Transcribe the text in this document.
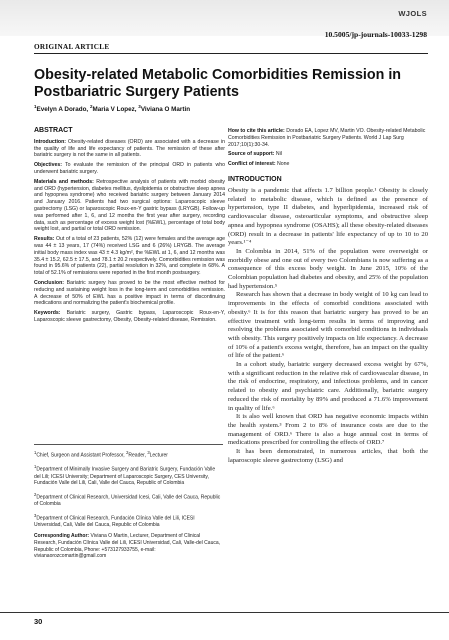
WJOLS
10.5005/jp-journals-10033-1298
ORIGINAL ARTICLE
Obesity-related Metabolic Comorbidities Remission in Postbariatric Surgery Patients
$^1$Evelyn A Dorado, $^2$Maria V Lopez, $^3$Viviana O Martin
ABSTRACT

Introduction: Obesity-related diseases (ORD) are associated with a decrease in the quality of life and life expectancy of patients. The remission of these after bariatric surgery is not the same in all patients.

Objectives: To evaluate the remission of the principal ORD in patients who underwent bariatric surgery.

Materials and methods: Retrospective analysis of patients with morbid obesity and ORD (hypertension, diabetes mellitus, dyslipidemia or obstructive sleep apnea and hypopnea syndrome) who received bariatric surgery between January 2014 and January 2016. Patients had two surgical options: Laparoscopic sleeve gastrectomy (LSG) or laparoscopic Roux-en-Y gastric bypass (LRYGB). Follow-up was performed after 1, 6, and 12 months the first year after surgery, recording data, such as percentage of excess weight lost (%EWL), percentage of total body weight lost, and partial or total ORD remission.

Results: Out of a total of 23 patients, 52% (12) were females and the average age was 44 ± 13 years, 17 (74%) received LSG and 6 (26%) LRYGB. The average initial body mass index was 43 ± 4.3 kg/m², the %EWL at 1, 6, and 12 months was 35.4 ± 15.2, 62.5 ± 17.5, and 78.1 ± 20.2 respectively. Comorbidities remission was found in 95.6% of patients (22), partial resolution in 32%, and complete in 68%. A total of 52.1% of remissions were reported in the first month postsurgery.

Conclusion: Bariatric surgery has proved to be the most effective method for reducing and sustaining weight loss in the long-term and comorbidities remission. A decrease of 50% of EWL has a positive impact in terms of discontinuing medications and normalizing the patient's biochemical profile.

Keywords: Bariatric surgery, Gastric bypass, Laparoscopic Roux-en-Y, Laparoscopic sleeve gastrectomy, Obesity, Obesity-related disease, Remission.

$^1$Chief, Surgeon and Assistant Professor, $^2$Reader, $^3$Lecturer

$^1$Department of Minimally Invasive Surgery and Bariatric Surgery, Fundación Valle del Lili; ICESI University; Department of Laparoscopic Surgery, CES University, Fundación Valle del Lili, Cali, Valle del Cauca, Republic of Colombia

$^2$Department of Clinical Research, Universidad Icesi, Cali, Valle del Cauca, Republic of Colombia

$^3$Department of Clinical Research, Fundación Clínica Valle del Lili, ICESI Universidad, Cali, Valle del Cauca, Republic of Colombia

Corresponding Author: Viviana O Martin, Lecturer, Department of Clinical Research, Fundación Clínica Valle del Lili, ICESI Universidad, Cali, Valle-del Cauca, Republic of Colombia, Phone: +573127933755, e-mail: vivianaorozcomartin@gmail.com

How to cite this article: Dorado EA, Lopez MV, Martin VO. Obesity-related Metabolic Comorbidities Remission in Postbariatric Surgery Patients. World J Lap Surg 2017;10(1):30-34.

Source of support: Nil

Conflict of interest: None

INTRODUCTION

Obesity is a pandemic that affects 1.7 billion people.¹ Obesity is closely related to metabolic disease, which is defined as the presence of hypertension, type II diabetes, and hyperlipidemia, increased risk of cardiovascular disease, osteoarticular symptoms, and obstructive sleep apnea and hypopnea syndrome (OSAHS); all these obesity-related diseases (ORD) result in a decrease in patients' life expectancy of up to 10 to 20 years.¹⁻⁴

In Colombia in 2014, 51% of the population were overweight or morbidly obese and one out of every two Colombians is now suffering as a consequence of this excess body weight. In June 2015, 10% of the Colombian population had diabetes and obesity, and 25% of the population had hypertension.⁵

Research has shown that a decrease in body weight of 10 kg can lead to improvements in the effects of comorbid conditions associated with obesity.⁶ It is for this reason that bariatric surgery has proved to be an effective treatment with long-term results in terms of improving and resolving the problems associated with comorbid conditions in individuals with obesity. This surgery positively impacts on life expectancy. A decrease of 10% of a patient's excess weight, therefore, has an impact on the quality of life of the patient.⁶

In a cohort study, bariatric surgery decreased excess weight by 67%, with a significant reduction in the relative risk of cardiovascular disease, in the risk of endocrine, respiratory, and infectious problems, and in cancer related to obesity and psychiatric care. Additionally, bariatric surgery reduced the risk of mortality by 89% and produced a 71.6% improvement in quality of life.⁶

It is also well known that ORD has negative economic impacts within the health system.³ From 2 to 8% of insurance costs are due to the management of ORD.⁶ There is also a huge annual cost in terms of medications prescribed for controlling the effects of ORD.⁷

It has been demonstrated, in numerous articles, that both the laparoscopic sleeve gastrectomy (LSG) and

30
